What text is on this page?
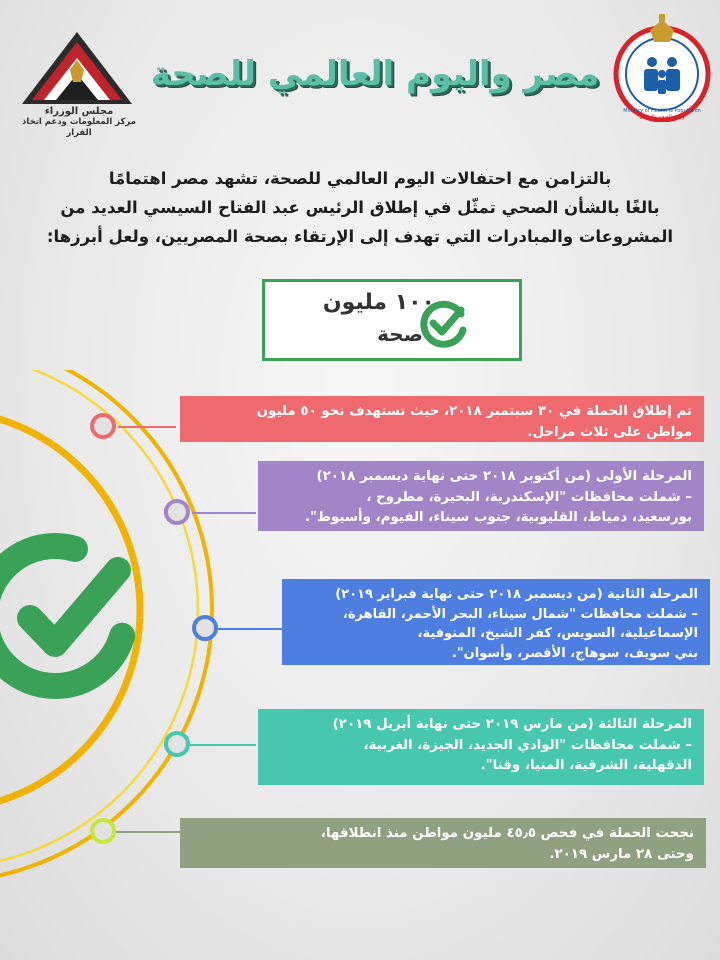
Ministry of Health & Population
وزارة الصحة والسكان
مجلس الوزراء
مركز المعلومات ودعم اتخاذ القرار
مصر واليوم العالمي للصحة
بالتزامن مع احتفالات اليوم العالمي للصحة، تشهد مصر اهتمامًا
بالغًا بالشأن الصحي تمثّل في إطلاق الرئيس عبد الفتاح السيسي العديد من
المشروعات والمبادرات التي تهدف إلى الإرتقاء بصحة المصريين، ولعل أبرزها:
١٠٠ مليون
صحة
تم إطلاق الحملة في ٣٠ سبتمبر ٢٠١٨، حيث تستهدف نحو ٥٠ مليون
مواطن على ثلاث مراحل.
المرحلة الأولى (من أكتوبر ٢٠١٨ حتى نهاية ديسمبر ٢٠١٨)
– شملت محافظات "الإسكندرية، البحيرة، مطروح ،
بورسعيد، دمياط، القليوبية، جنوب سيناء، الفيوم، وأسيوط".
المرحلة الثانية (من ديسمبر ٢٠١٨ حتى نهاية فبراير ٢٠١٩)
– شملت محافظات "شمال سيناء، البحر الأحمر، القاهرة،
الإسماعيلية، السويس، كفر الشيخ، المنوفية،
بني سويف، سوهاج، الأقصر، وأسوان".
المرحلة الثالثة (من مارس ٢٠١٩ حتى نهاية أبريل ٢٠١٩)
– شملت محافظات "الوادي الجديد، الجيزة، الغربية،
الدقهلية، الشرقية، المنيا، وقنا".
نجحت الحملة في فحص ٤٥٫٥ مليون مواطن منذ انطلاقها،
وحتى ٢٨ مارس ٢٠١٩.
